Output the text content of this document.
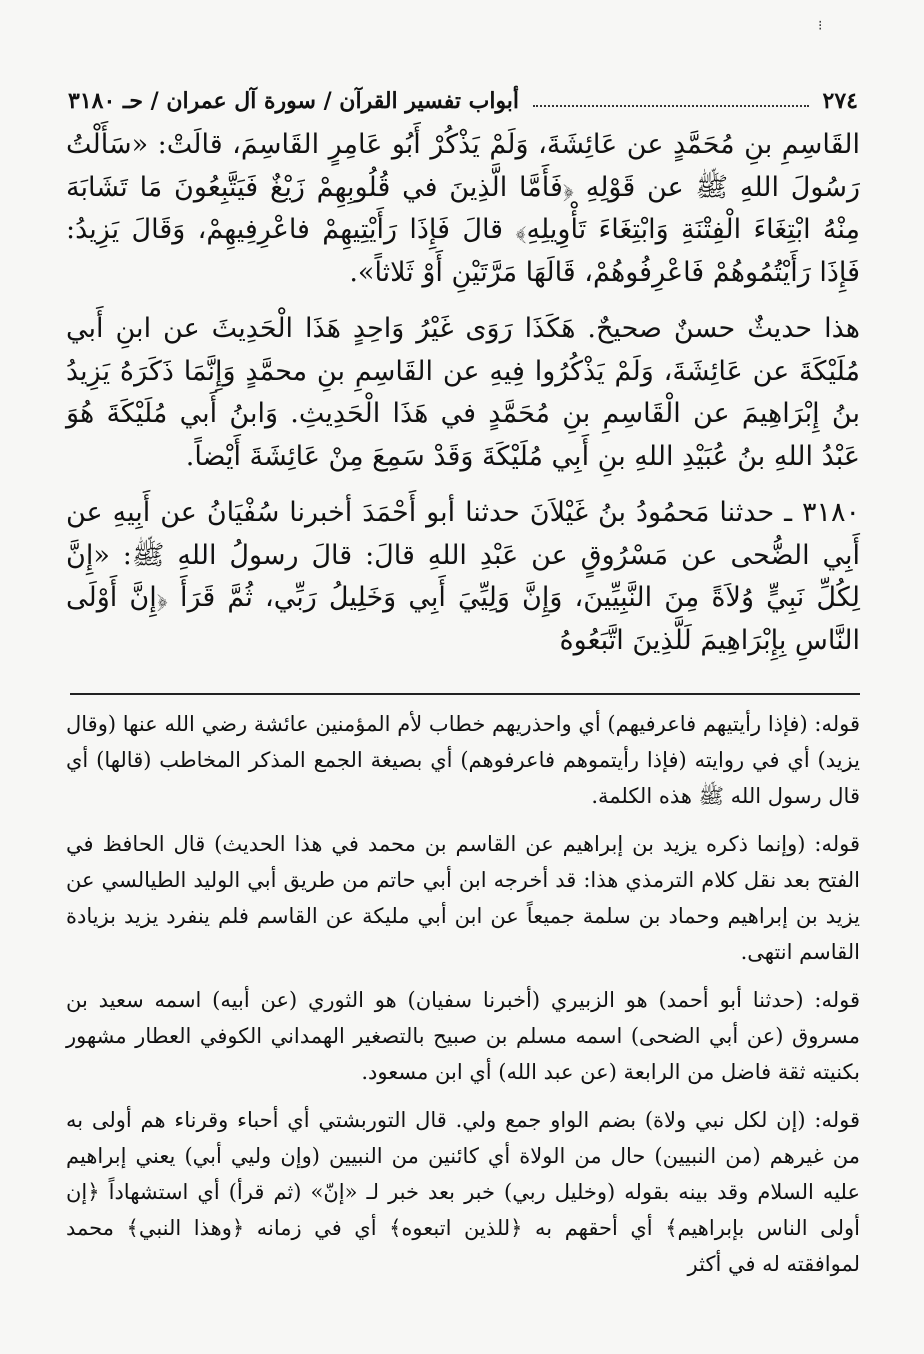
⁝
٢٧٤
أبواب تفسير القرآن / سورة آل عمران / حـ ٣١٨٠

القَاسِمِ بنِ مُحَمَّدٍ عن عَائِشَةَ، وَلَمْ يَذْكُرْ أَبُو عَامِرٍ القَاسِمَ، قالَتْ: «سَأَلْتُ رَسُولَ اللهِ ﷺ عن قَوْلِهِ ﴿فَأَمَّا الَّذِينَ في قُلُوبِهِمْ زَيْغٌ فَيَتَّبِعُونَ مَا تَشَابَهَ مِنْهُ ابْتِغَاءَ الْفِتْنَةِ وَابْتِغَاءَ تَأْوِيلِهِ﴾ قالَ فَإِذَا رَأَيْتِيهِمْ فاعْرِفِيهِمْ، وَقَالَ يَزِيدُ: فَإِذَا رَأَيْتُمُوهُمْ فَاعْرِفُوهُمْ، قَالَهَا مَرَّتَيْنِ أَوْ ثَلاثاً».

هذا حديثٌ حسنٌ صحيحٌ. هَكَذَا رَوَى غَيْرُ وَاحِدٍ هَذَا الْحَدِيثَ عن ابنِ أَبي مُلَيْكَةَ عن عَائِشَةَ، وَلَمْ يَذْكُرُوا فِيهِ عن القَاسِمِ بنِ محمَّدٍ وَإِنَّمَا ذَكَرَهُ يَزِيدُ بنُ إِبْرَاهِيمَ عن الْقَاسِمِ بنِ مُحَمَّدٍ في هَذَا الْحَدِيثِ. وَابنُ أَبي مُلَيْكَةَ هُوَ عَبْدُ اللهِ بنُ عُبَيْدِ اللهِ بنِ أَبِي مُلَيْكَةَ وَقَدْ سَمِعَ مِنْ عَائِشَةَ أَيْضاً.

٣١٨٠ ـ حدثنا مَحمُودُ بنُ غَيْلاَنَ حدثنا أبو أَحْمَدَ أخبرنا سُفْيَانُ عن أَبِيهِ عن أَبِي الضُّحى عن مَسْرُوقٍ عن عَبْدِ اللهِ قالَ: قالَ رسولُ اللهِ ﷺ: «إِنَّ لِكُلِّ نَبِيٍّ وُلاَةً مِنَ النَّبِيِّينَ، وَإِنَّ وَلِيِّيَ أَبِي وَخَلِيلُ رَبِّي، ثُمَّ قَرَأَ ﴿إِنَّ أَوْلَى النَّاسِ بِإِبْرَاهِيمَ لَلَّذِينَ اتَّبَعُوهُ

قوله: (فإذا رأيتيهم فاعرفيهم) أي واحذريهم خطاب لأم المؤمنين عائشة رضي الله عنها (وقال يزيد) أي في روايته (فإذا رأيتموهم فاعرفوهم) أي بصيغة الجمع المذكر المخاطب (قالها) أي قال رسول الله ﷺ هذه الكلمة.

قوله: (وإنما ذكره يزيد بن إبراهيم عن القاسم بن محمد في هذا الحديث) قال الحافظ في الفتح بعد نقل كلام الترمذي هذا: قد أخرجه ابن أبي حاتم من طريق أبي الوليد الطيالسي عن يزيد بن إبراهيم وحماد بن سلمة جميعاً عن ابن أبي مليكة عن القاسم فلم ينفرد يزيد بزيادة القاسم انتهى.

قوله: (حدثنا أبو أحمد) هو الزبيري (أخبرنا سفيان) هو الثوري (عن أبيه) اسمه سعيد بن مسروق (عن أبي الضحى) اسمه مسلم بن صبيح بالتصغير الهمداني الكوفي العطار مشهور بكنيته ثقة فاضل من الرابعة (عن عبد الله) أي ابن مسعود.

قوله: (إن لكل نبي ولاة) بضم الواو جمع ولي. قال التوربشتي أي أحباء وقرناء هم أولى به من غيرهم (من النبيين) حال من الولاة أي كائنين من النبيين (وإن وليي أبي) يعني إبراهيم عليه السلام وقد بينه بقوله (وخليل ربي) خبر بعد خبر لـ «إنّ» (ثم قرأ) أي استشهاداً ﴿إن أولى الناس بإبراهيم﴾ أي أحقهم به ﴿للذين اتبعوه﴾ أي في زمانه ﴿وهذا النبي﴾ محمد لموافقته له في أكثر
